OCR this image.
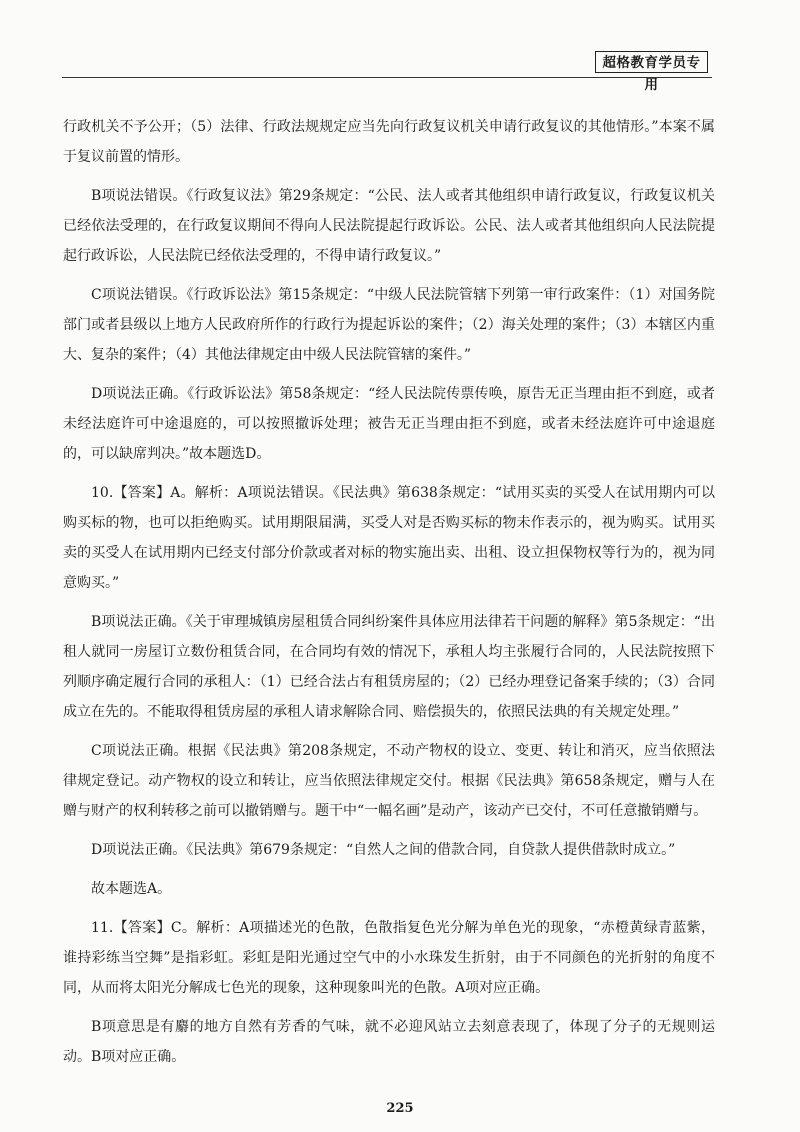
超格教育学员专用

行政机关不予公开；（5）法律、行政法规规定应当先向行政复议机关申请行政复议的其他情形。”本案不属于复议前置的情形。

B项说法错误。《行政复议法》第29条规定：“公民、法人或者其他组织申请行政复议，行政复议机关已经依法受理的，在行政复议期间不得向人民法院提起行政诉讼。公民、法人或者其他组织向人民法院提起行政诉讼，人民法院已经依法受理的，不得申请行政复议。”

C项说法错误。《行政诉讼法》第15条规定：“中级人民法院管辖下列第一审行政案件：（1）对国务院部门或者县级以上地方人民政府所作的行政行为提起诉讼的案件；（2）海关处理的案件；（3）本辖区内重大、复杂的案件；（4）其他法律规定由中级人民法院管辖的案件。”

D项说法正确。《行政诉讼法》第58条规定：“经人民法院传票传唤，原告无正当理由拒不到庭，或者未经法庭许可中途退庭的，可以按照撤诉处理；被告无正当理由拒不到庭，或者未经法庭许可中途退庭的，可以缺席判决。”故本题选D。

10.【答案】A。解析：A项说法错误。《民法典》第638条规定：“试用买卖的买受人在试用期内可以购买标的物，也可以拒绝购买。试用期限届满，买受人对是否购买标的物未作表示的，视为购买。试用买卖的买受人在试用期内已经支付部分价款或者对标的物实施出卖、出租、设立担保物权等行为的，视为同意购买。”

B项说法正确。《关于审理城镇房屋租赁合同纠纷案件具体应用法律若干问题的解释》第5条规定：“出租人就同一房屋订立数份租赁合同，在合同均有效的情况下，承租人均主张履行合同的，人民法院按照下列顺序确定履行合同的承租人：（1）已经合法占有租赁房屋的；（2）已经办理登记备案手续的；（3）合同成立在先的。不能取得租赁房屋的承租人请求解除合同、赔偿损失的，依照民法典的有关规定处理。”

C项说法正确。根据《民法典》第208条规定，不动产物权的设立、变更、转让和消灭，应当依照法律规定登记。动产物权的设立和转让，应当依照法律规定交付。根据《民法典》第658条规定，赠与人在赠与财产的权利转移之前可以撤销赠与。题干中“一幅名画”是动产，该动产已交付，不可任意撤销赠与。

D项说法正确。《民法典》第679条规定：“自然人之间的借款合同，自贷款人提供借款时成立。”

故本题选A。

11.【答案】C。解析：A项描述光的色散，色散指复色光分解为单色光的现象，“赤橙黄绿青蓝紫，谁持彩练当空舞”是指彩虹。彩虹是阳光通过空气中的小水珠发生折射，由于不同颜色的光折射的角度不同，从而将太阳光分解成七色光的现象，这种现象叫光的色散。A项对应正确。

B项意思是有麝的地方自然有芳香的气味，就不必迎风站立去刻意表现了，体现了分子的无规则运动。B项对应正确。

225
